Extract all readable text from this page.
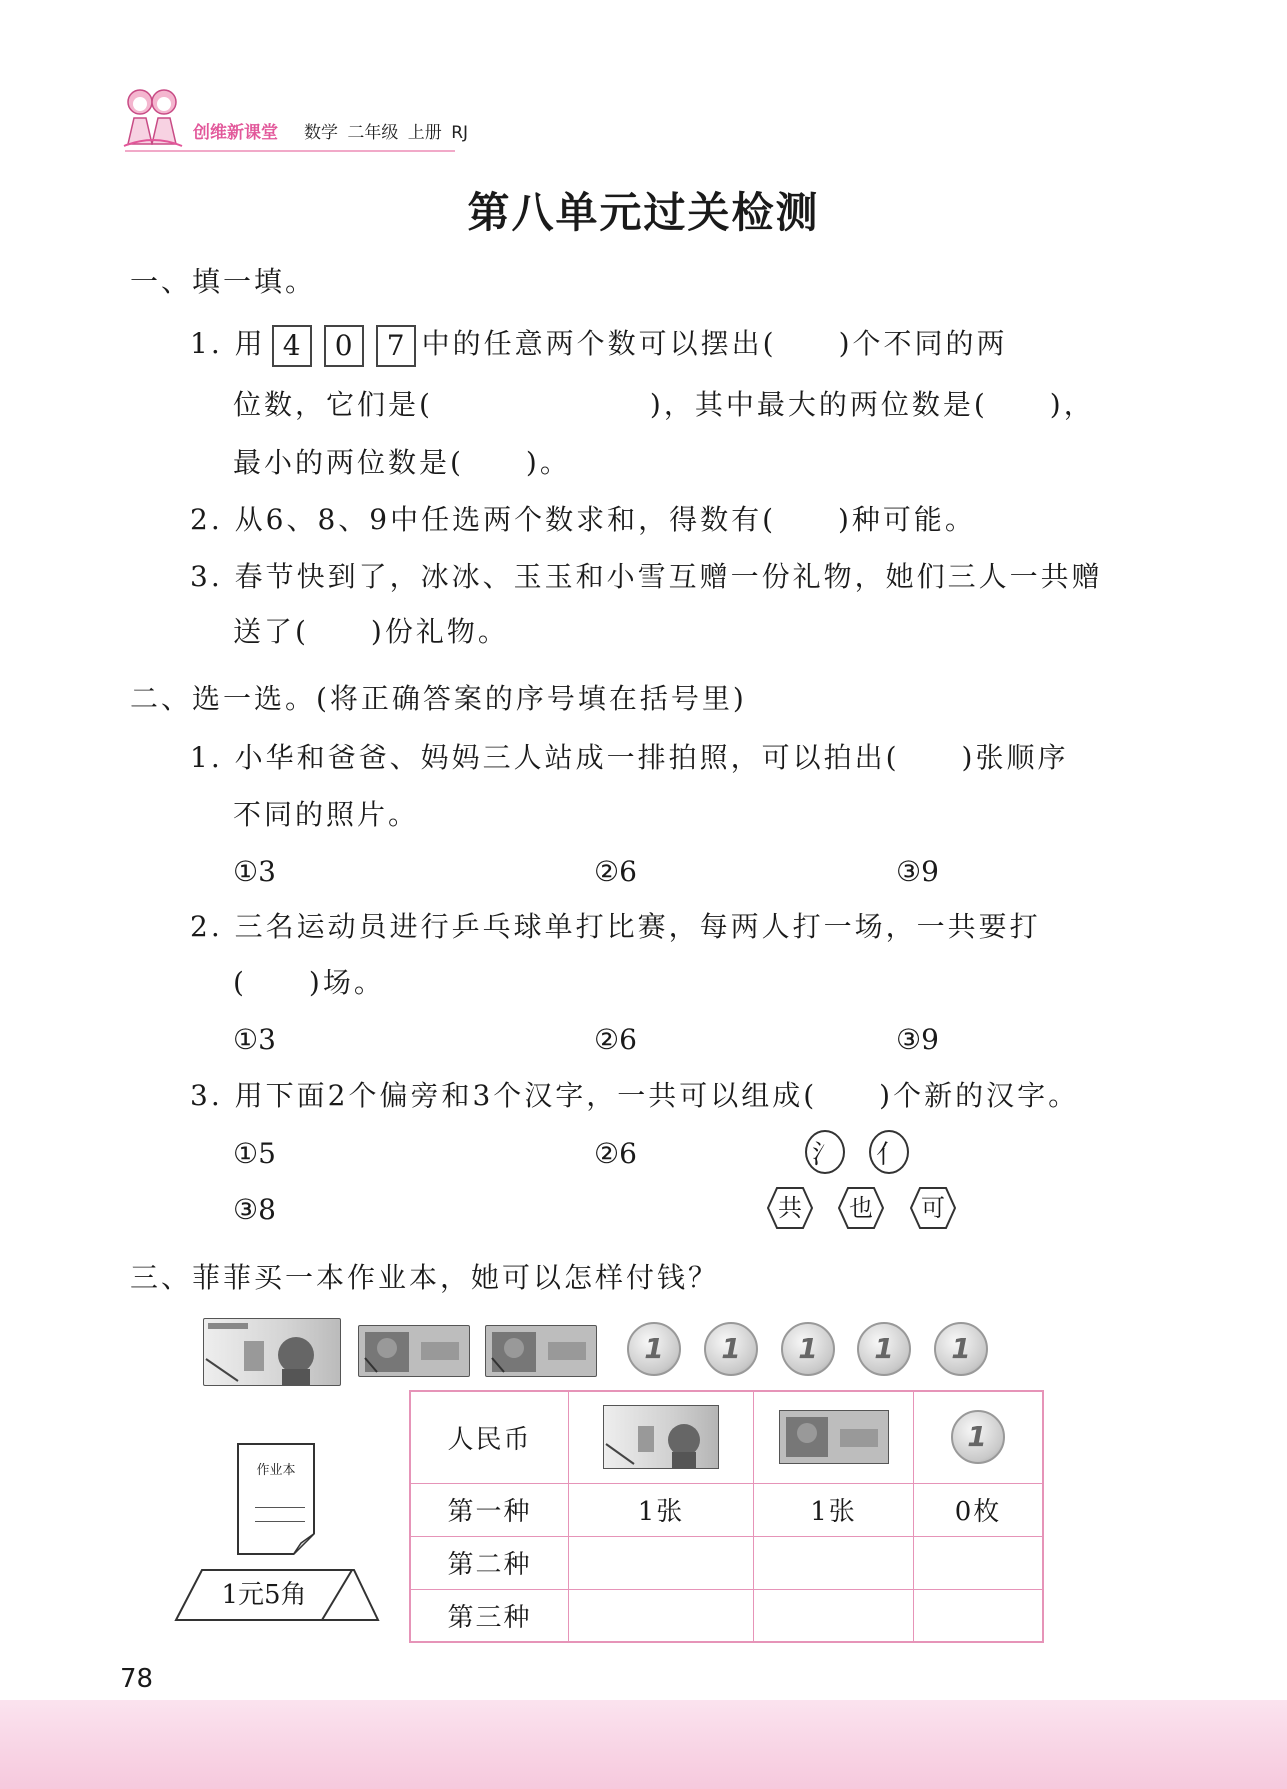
创维新课堂 数学 二年级 上册 RJ
第八单元过关检测
一、填一填。
1. 用 4 0 7 中的任意两个数可以摆出(　　)个不同的两
位数，它们是(　　　　　　　)，其中最大的两位数是(　　)，
最小的两位数是(　　)。
2. 从6、8、9中任选两个数求和，得数有(　　)种可能。
3. 春节快到了，冰冰、玉玉和小雪互赠一份礼物，她们三人一共赠
送了(　　)份礼物。
二、选一选。(将正确答案的序号填在括号里)
1. 小华和爸爸、妈妈三人站成一排拍照，可以拍出(　　)张顺序
不同的照片。
①3	②6	③9
2. 三名运动员进行乒乓球单打比赛，每两人打一场，一共要打
(　　)场。
①3	②6	③9
3. 用下面2个偏旁和3个汉字，一共可以组成(　　)个新的汉字。
①5	②6
③8
氵 亻
共	也	可
三、菲菲买一本作业本，她可以怎样付钱？
1	1	1	1	1
作业本
1元5角
人民币			1
第一种	1张	1张	0枚
第二种			
第三种			
78
